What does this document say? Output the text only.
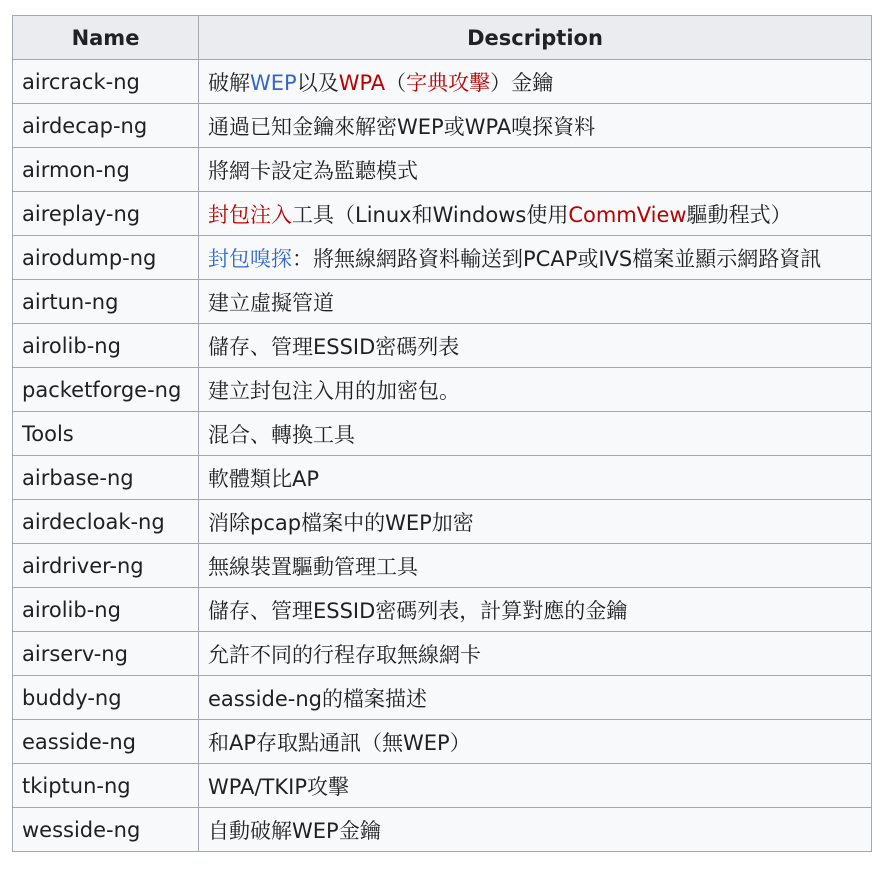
Name	Description
aircrack-ng	破解WEP以及WPA（字典攻擊）金鑰
airdecap-ng	通過已知金鑰來解密WEP或WPA嗅探資料
airmon-ng	將網卡設定為監聽模式
aireplay-ng	封包注入工具（Linux和Windows使用CommView驅動程式）
airodump-ng	封包嗅探：將無線網路資料輸送到PCAP或IVS檔案並顯示網路資訊
airtun-ng	建立虛擬管道
airolib-ng	儲存、管理ESSID密碼列表
packetforge-ng	建立封包注入用的加密包。
Tools	混合、轉換工具
airbase-ng	軟體類比AP
airdecloak-ng	消除pcap檔案中的WEP加密
airdriver-ng	無線裝置驅動管理工具
airolib-ng	儲存、管理ESSID密碼列表，計算對應的金鑰
airserv-ng	允許不同的行程存取無線網卡
buddy-ng	easside-ng的檔案描述
easside-ng	和AP存取點通訊（無WEP）
tkiptun-ng	WPA/TKIP攻擊
wesside-ng	自動破解WEP金鑰
